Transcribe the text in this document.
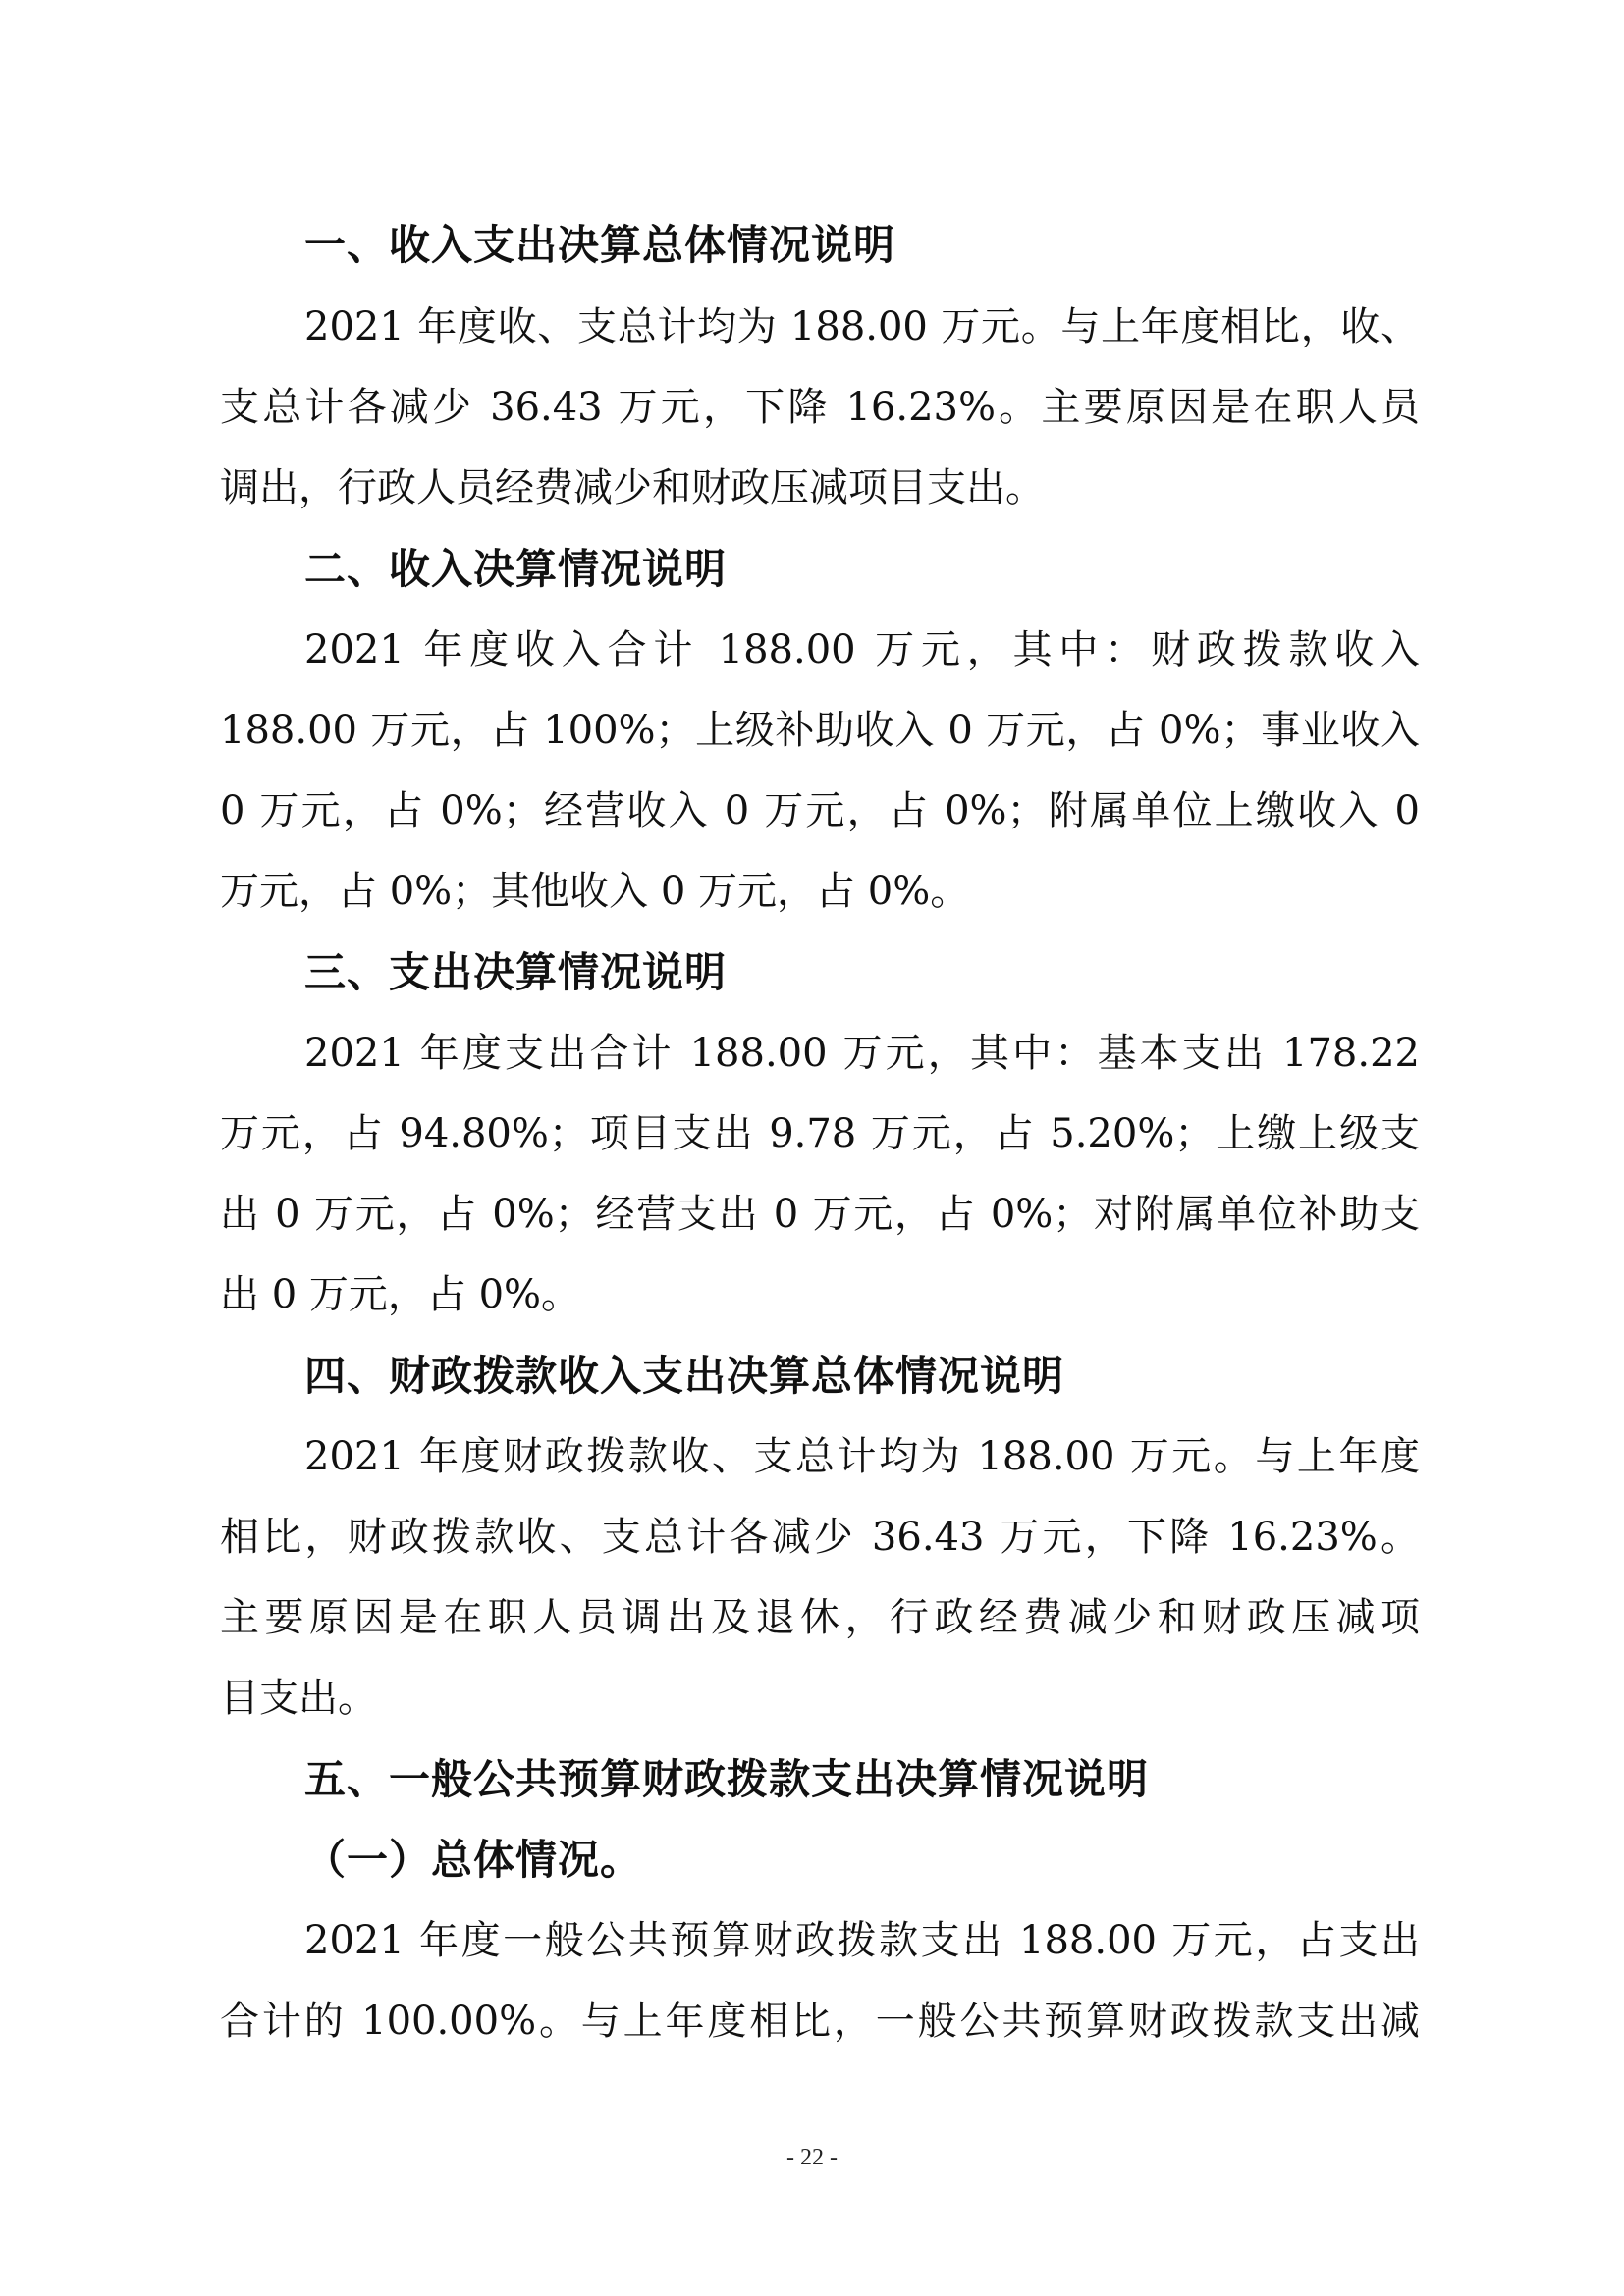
一、收入支出决算总体情况说明
2021 年度收、支总计均为 188.00 万元。与上年度相比，收、
支总计各减少 36.43 万元，下降 16.23%。主要原因是在职人员
调出，行政人员经费减少和财政压减项目支出。
二、收入决算情况说明
2021 年度收入合计 188.00 万元，其中：财政拨款收入
188.00 万元，占 100%；上级补助收入 0 万元，占 0%；事业收入
0 万元，占 0%；经营收入 0 万元，占 0%；附属单位上缴收入 0
万元，占 0%；其他收入 0 万元，占 0%。
三、支出决算情况说明
2021 年度支出合计 188.00 万元，其中：基本支出 178.22
万元，占 94.80%；项目支出 9.78 万元，占 5.20%；上缴上级支
出 0 万元，占 0%；经营支出 0 万元，占 0%；对附属单位补助支
出 0 万元，占 0%。
四、财政拨款收入支出决算总体情况说明
2021 年度财政拨款收、支总计均为 188.00 万元。与上年度
相比，财政拨款收、支总计各减少 36.43 万元，下降 16.23%。
主要原因是在职人员调出及退休，行政经费减少和财政压减项
目支出。
五、一般公共预算财政拨款支出决算情况说明
（一）总体情况。
2021 年度一般公共预算财政拨款支出 188.00 万元，占支出
合计的 100.00%。与上年度相比，一般公共预算财政拨款支出减
- 22 -
